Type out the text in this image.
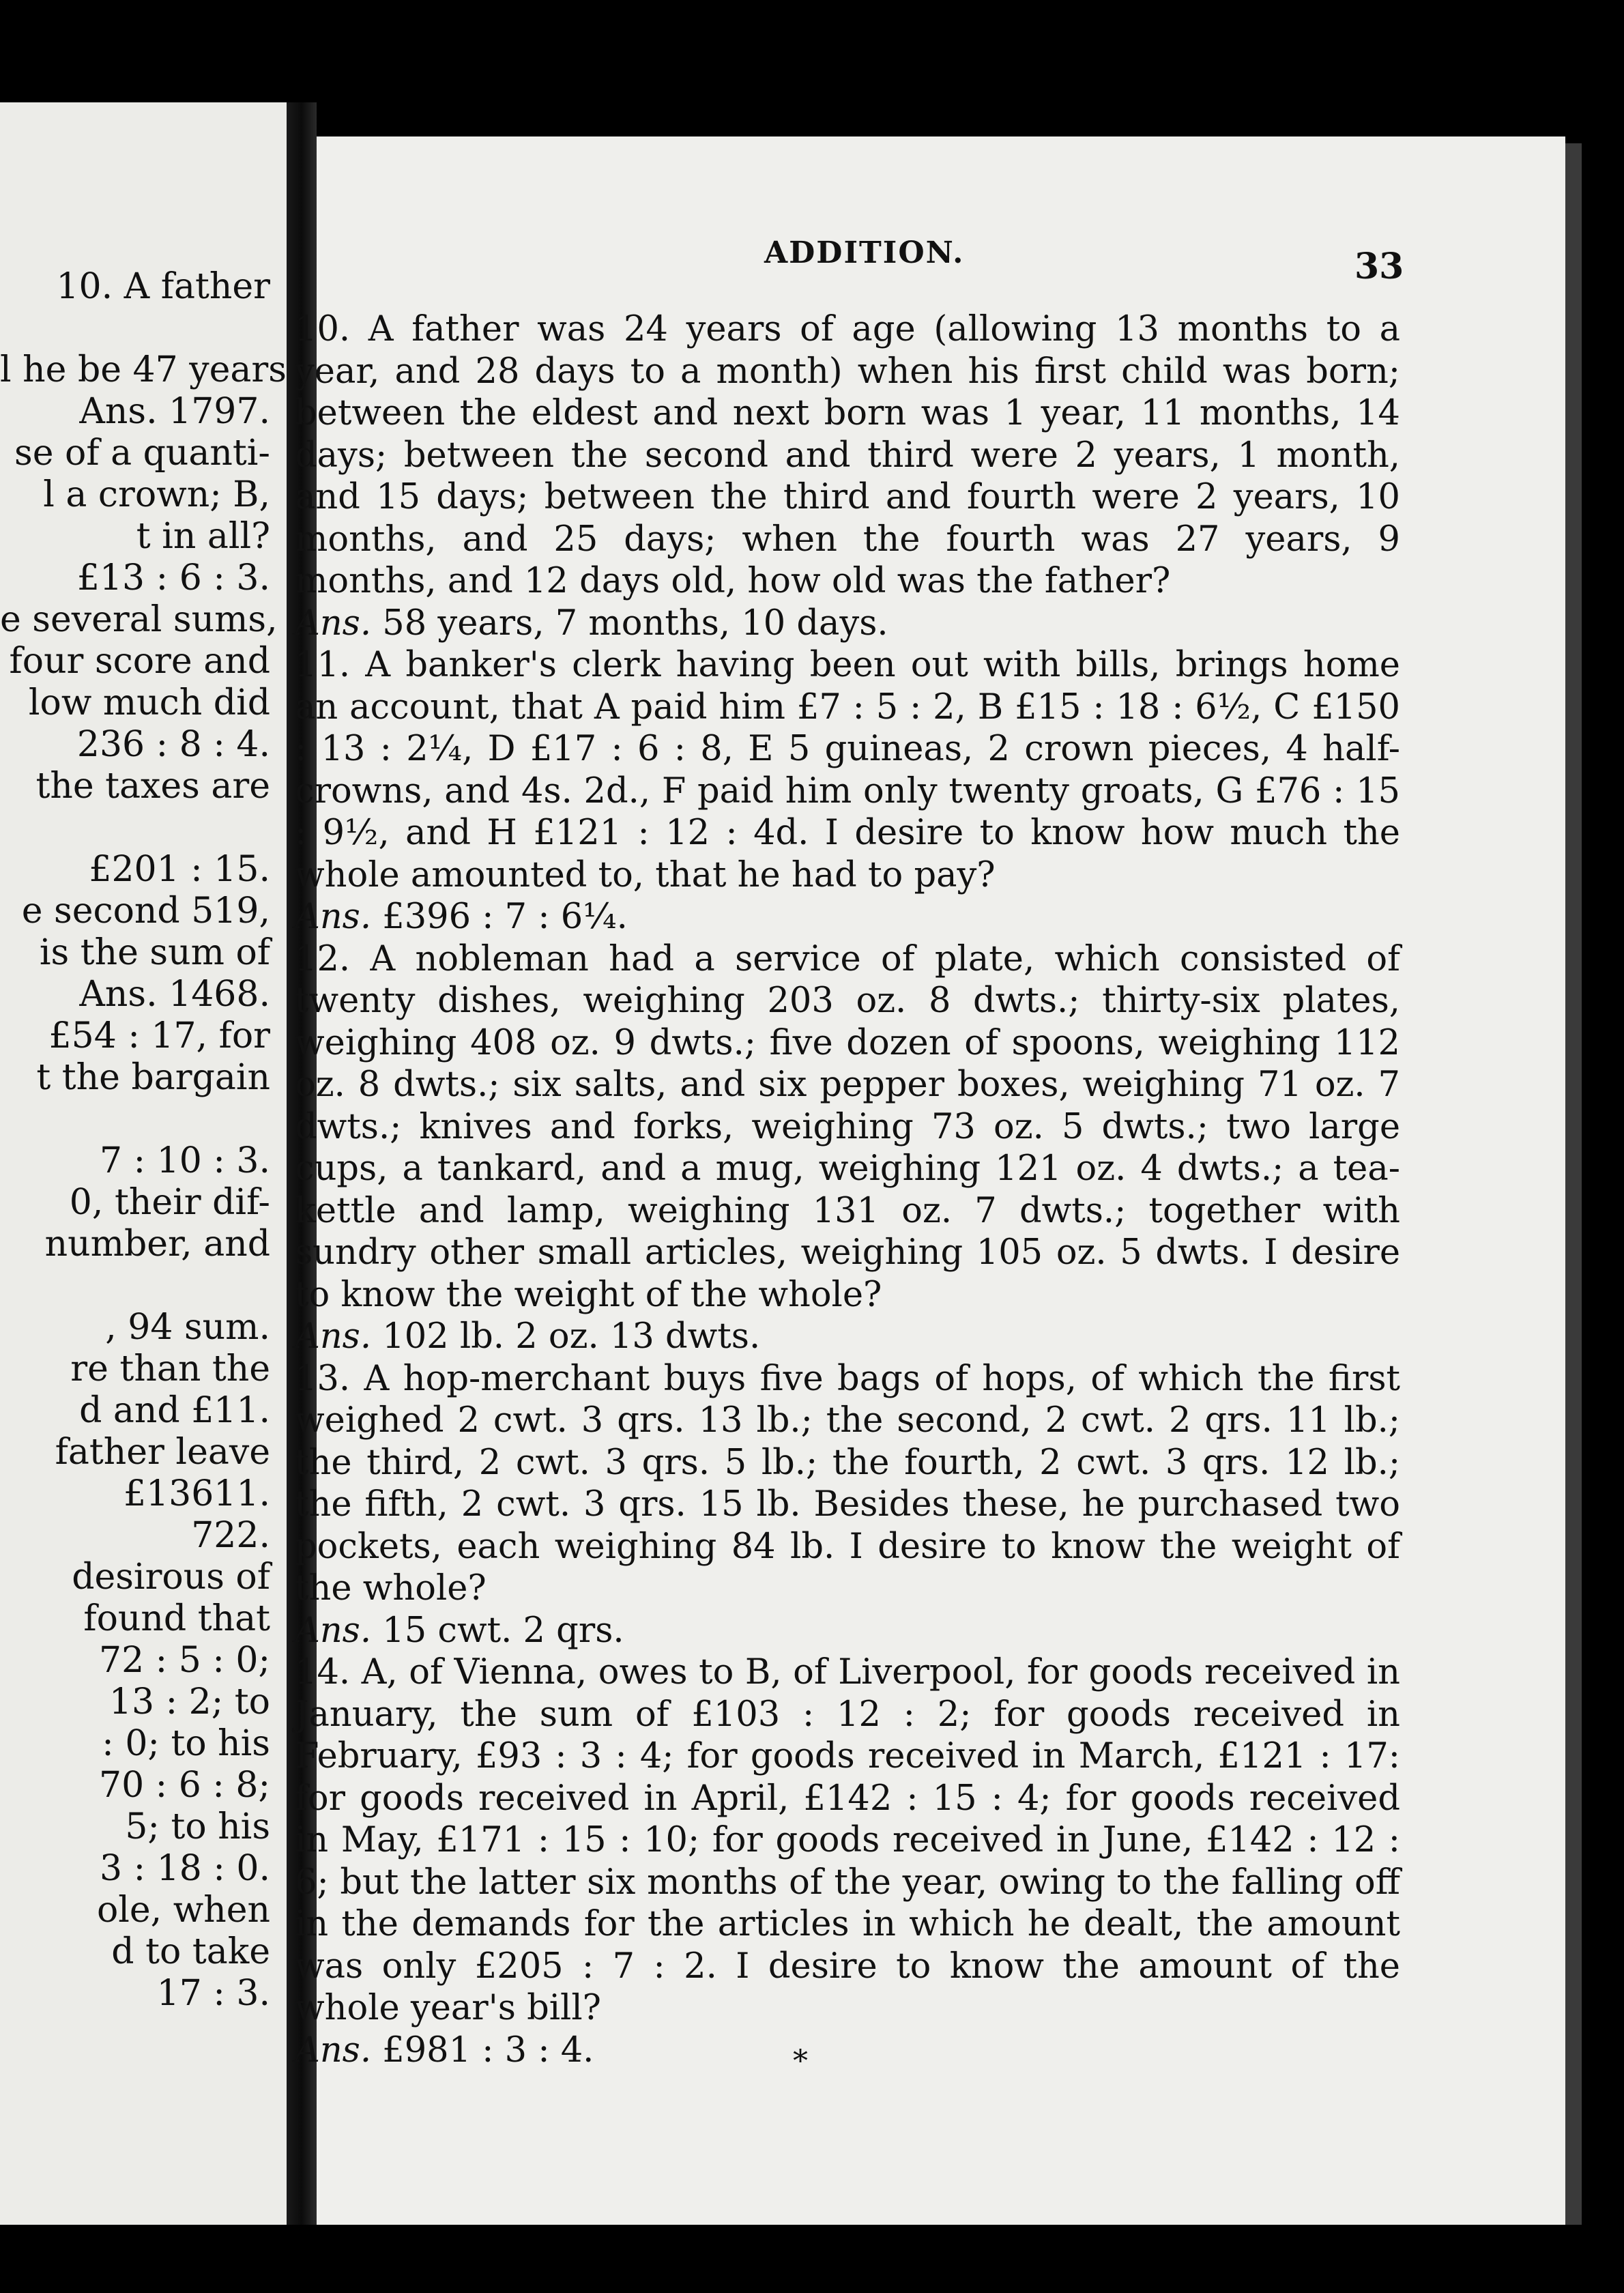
10. A father
l he be 47 years
Ans. 1797.
se of a quanti-
l a crown; B,
t in all?
£13 : 6 : 3.
e several sums,
four score and
low much did
236 : 8 : 4.
the taxes are
£201 : 15.
e second 519,
is the sum of
Ans. 1468.
£54 : 17, for
t the bargain
7 : 10 : 3.
0, their dif-
number, and
, 94 sum.
re than the
d and £11.
father leave
£13611.
722.
desirous of
found that
72 : 5 : 0;
13 : 2; to
: 0; to his
70 : 6 : 8;
5; to his
3 : 18 : 0.
ole, when
d to take
17 : 3.
ADDITION.	33

10. A father was 24 years of age (allowing 13 months to a year, and 28 days to a month) when his first child was born; between the eldest and next born was 1 year, 11 months, 14 days; between the second and third were 2 years, 1 month, and 15 days; between the third and fourth were 2 years, 10 months, and 25 days; when the fourth was 27 years, 9 months, and 12 days old, how old was the father?

Ans. 58 years, 7 months, 10 days.

11. A banker's clerk having been out with bills, brings home an account, that A paid him £7 : 5 : 2, B £15 : 18 : 6½, C £150 : 13 : 2¼, D £17 : 6 : 8, E 5 guineas, 2 crown pieces, 4 half-crowns, and 4s. 2d., F paid him only twenty groats, G £76 : 15 : 9½, and H £121 : 12 : 4d. I desire to know how much the whole amounted to, that he had to pay?

Ans. £396 : 7 : 6¼.

12. A nobleman had a service of plate, which consisted of twenty dishes, weighing 203 oz. 8 dwts.; thirty-six plates, weighing 408 oz. 9 dwts.; five dozen of spoons, weighing 112 oz. 8 dwts.; six salts, and six pepper boxes, weighing 71 oz. 7 dwts.; knives and forks, weighing 73 oz. 5 dwts.; two large cups, a tankard, and a mug, weighing 121 oz. 4 dwts.; a tea-kettle and lamp, weighing 131 oz. 7 dwts.; together with sundry other small articles, weighing 105 oz. 5 dwts. I desire to know the weight of the whole?

Ans. 102 lb. 2 oz. 13 dwts.

13. A hop-merchant buys five bags of hops, of which the first weighed 2 cwt. 3 qrs. 13 lb.; the second, 2 cwt. 2 qrs. 11 lb.; the third, 2 cwt. 3 qrs. 5 lb.; the fourth, 2 cwt. 3 qrs. 12 lb.; the fifth, 2 cwt. 3 qrs. 15 lb. Besides these, he purchased two pockets, each weighing 84 lb. I desire to know the weight of the whole?

Ans. 15 cwt. 2 qrs.

14. A, of Vienna, owes to B, of Liverpool, for goods received in January, the sum of £103 : 12 : 2; for goods received in February, £93 : 3 : 4; for goods received in March, £121 : 17: for goods received in April, £142 : 15 : 4; for goods received in May, £171 : 15 : 10; for goods received in June, £142 : 12 : 6; but the latter six months of the year, owing to the falling off in the demands for the articles in which he dealt, the amount was only £205 : 7 : 2. I desire to know the amount of the whole year's bill?

Ans. £981 : 3 : 4.	*
